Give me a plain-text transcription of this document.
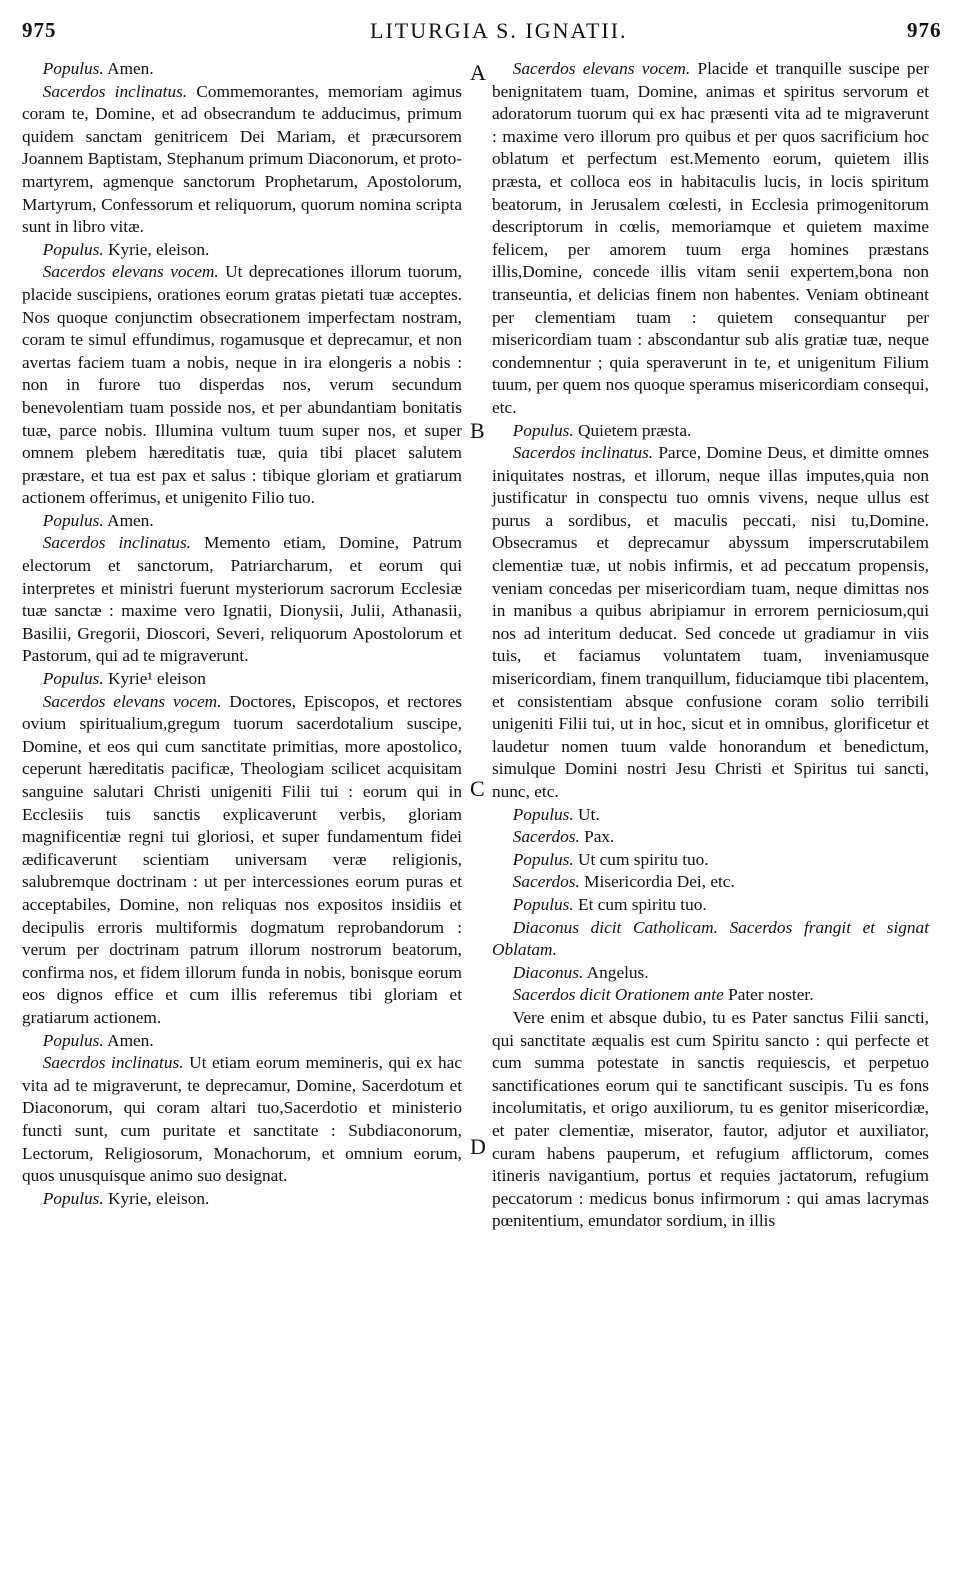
975	LITURGIA S. IGNATII.	976
A
B
C
D

Populus. Amen.

Sacerdos inclinatus. Commemorantes, memoriam agimus coram te, Domine, et ad obsecrandum te adducimus, primum quidem sanctam genitricem Dei Mariam, et præcursorem Joannem Baptistam, Stephanum primum Diaconorum, et proto-martyrem, agmenque sanctorum Prophetarum, Apostolorum, Martyrum, Confessorum et reliquorum, quorum nomina scripta sunt in libro vitæ.

Populus. Kyrie, eleison.

Sacerdos elevans vocem. Ut deprecationes illorum tuorum, placide suscipiens, orationes eorum gratas pietati tuæ acceptes. Nos quoque conjunctim obsecrationem imperfectam nostram, coram te simul effundimus, rogamusque et deprecamur, et non avertas faciem tuam a nobis, neque in ira elongeris a nobis : non in furore tuo disperdas nos, verum secundum benevolentiam tuam posside nos, et per abundantiam bonitatis tuæ, parce nobis. Illumina vultum tuum super nos, et super omnem plebem hæreditatis tuæ, quia tibi placet salutem præstare, et tua est pax et salus : tibique gloriam et gratiarum actionem offerimus, et unigenito Filio tuo.

Populus. Amen.

Sacerdos inclinatus. Memento etiam, Domine, Patrum electorum et sanctorum, Patriarcharum, et eorum qui interpretes et ministri fuerunt mysteriorum sacrorum Ecclesiæ tuæ sanctæ : maxime vero Ignatii, Dionysii, Julii, Athanasii, Basilii, Gregorii, Dioscori, Severi, reliquorum Apostolorum et Pastorum, qui ad te migraverunt.

Populus. Kyrie¹ eleison

Sacerdos elevans vocem. Doctores, Episcopos, et rectores ovium spiritualium,gregum tuorum sacerdotalium suscipe, Domine, et eos qui cum sanctitate primitias, more apostolico, ceperunt hæreditatis pacificæ, Theologiam scilicet acquisitam sanguine salutari Christi unigeniti Filii tui : eorum qui in Ecclesiis tuis sanctis explicaverunt verbis, gloriam magnificentiæ regni tui gloriosi, et super fundamentum fidei ædificaverunt scientiam universam veræ religionis, salubremque doctrinam : ut per intercessiones eorum puras et acceptabiles, Domine, non reliquas nos expositos insidiis et decipulis erroris multiformis dogmatum reprobandorum : verum per doctrinam patrum illorum nostrorum beatorum, confirma nos, et fidem illorum funda in nobis, bonisque eorum eos dignos effice et cum illis referemus tibi gloriam et gratiarum actionem.

Populus. Amen.

Saecrdos inclinatus. Ut etiam eorum memineris, qui ex hac vita ad te migraverunt, te deprecamur, Domine, Sacerdotum et Diaconorum, qui coram altari tuo,Sacerdotio et ministerio functi sunt, cum puritate et sanctitate : Subdiaconorum, Lectorum, Religiosorum, Monachorum, et omnium eorum, quos unusquisque animo suo designat.

Populus. Kyrie, eleison.

Sacerdos elevans vocem. Placide et tranquille suscipe per benignitatem tuam, Domine, animas et spiritus servorum et adoratorum tuorum qui ex hac præsenti vita ad te migraverunt : maxime vero illorum pro quibus et per quos sacrificium hoc oblatum et perfectum est.Memento eorum, quietem illis præsta, et colloca eos in habitaculis lucis, in locis spiritum beatorum, in Jerusalem cœlesti, in Ecclesia primogenitorum descriptorum in cœlis, memoriamque et quietem maxime felicem, per amorem tuum erga homines præstans illis,Domine, concede illis vitam senii expertem,bona non transeuntia, et delicias finem non habentes. Veniam obtineant per clementiam tuam : quietem consequantur per misericordiam tuam : abscondantur sub alis gratiæ tuæ, neque condemnentur ; quia speraverunt in te, et unigenitum Filium tuum, per quem nos quoque speramus misericordiam consequi, etc.

Populus. Quietem præsta.

Sacerdos inclinatus. Parce, Domine Deus, et dimitte omnes iniquitates nostras, et illorum, neque illas imputes,quia non justificatur in conspectu tuo omnis vivens, neque ullus est purus a sordibus, et maculis peccati, nisi tu,Domine. Obsecramus et deprecamur abyssum imperscrutabilem clementiæ tuæ, ut nobis infirmis, et ad peccatum propensis, veniam concedas per misericordiam tuam, neque dimittas nos in manibus a quibus abripiamur in errorem perniciosum,qui nos ad interitum deducat. Sed concede ut gradiamur in viis tuis, et faciamus voluntatem tuam, inveniamusque misericordiam, finem tranquillum, fiduciamque tibi placentem, et consistentiam absque confusione coram solio terribili unigeniti Filii tui, ut in hoc, sicut et in omnibus, glorificetur et laudetur nomen tuum valde honorandum et benedictum, simulque Domini nostri Jesu Christi et Spiritus tui sancti, nunc, etc.

Populus. Ut.

Sacerdos. Pax.

Populus. Ut cum spiritu tuo.

Sacerdos. Misericordia Dei, etc.

Populus. Et cum spiritu tuo.

Diaconus dicit Catholicam. Sacerdos frangit et signat Oblatam.

Diaconus. Angelus.

Sacerdos dicit Orationem ante Pater noster.

Vere enim et absque dubio, tu es Pater sanctus Filii sancti, qui sanctitate æqualis est cum Spiritu sancto : qui perfecte et cum summa potestate in sanctis requiescis, et perpetuo sanctificationes eorum qui te sanctificant suscipis. Tu es fons incolumitatis, et origo auxiliorum, tu es genitor misericordiæ, et pater clementiæ, miserator, fautor, adjutor et auxiliator, curam habens pauperum, et refugium afflictorum, comes itineris navigantium, portus et requies jactatorum, refugium peccatorum : medicus bonus infirmorum : qui amas lacrymas pœnitentium, emundator sordium, in illis
